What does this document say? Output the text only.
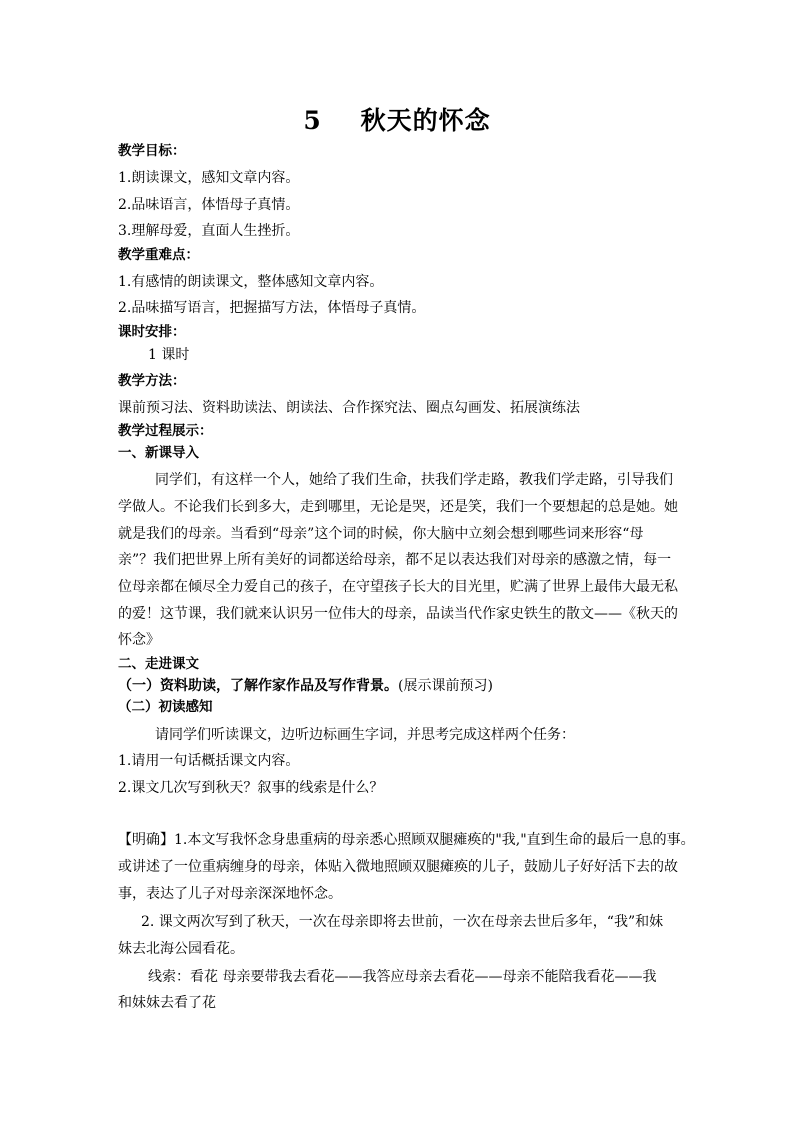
5    秋天的怀念
教学目标：
1.朗读课文，感知文章内容。
2.品味语言，体悟母子真情。
3.理解母爱，直面人生挫折。
教学重难点：
1.有感情的朗读课文，整体感知文章内容。
2.品味描写语言，把握描写方法，体悟母子真情。
课时安排：
1 课时
教学方法：
课前预习法、资料助读法、朗读法、合作探究法、圈点勾画发、拓展演练法
教学过程展示：
一、新课导入
同学们，有这样一个人，她给了我们生命，扶我们学走路，教我们学走路，引导我们
学做人。不论我们长到多大，走到哪里，无论是哭，还是笑，我们一个要想起的总是她。她
就是我们的母亲。当看到“母亲”这个词的时候，你大脑中立刻会想到哪些词来形容“母
亲”？我们把世界上所有美好的词都送给母亲，都不足以表达我们对母亲的感激之情，每一
位母亲都在倾尽全力爱自己的孩子，在守望孩子长大的目光里，贮满了世界上最伟大最无私
的爱！这节课，我们就来认识另一位伟大的母亲，品读当代作家史铁生的散文——《秋天的
怀念》
二、走进课文
（一）资料助读，了解作家作品及写作背景。(展示课前预习)
（二）初读感知
请同学们听读课文，边听边标画生字词，并思考完成这样两个任务：
1.请用一句话概括课文内容。
2.课文几次写到秋天？叙事的线索是什么？
【明确】1.本文写我怀念身患重病的母亲悉心照顾双腿瘫痪的"我,"直到生命的最后一息的事。
或讲述了一位重病缠身的母亲，体贴入微地照顾双腿瘫痪的儿子，鼓励儿子好好活下去的故
事，表达了儿子对母亲深深地怀念。
2. 课文两次写到了秋天，一次在母亲即将去世前，一次在母亲去世后多年，“我”和妹
妹去北海公园看花。
线索：看花 母亲要带我去看花——我答应母亲去看花——母亲不能陪我看花——我
和妹妹去看了花
